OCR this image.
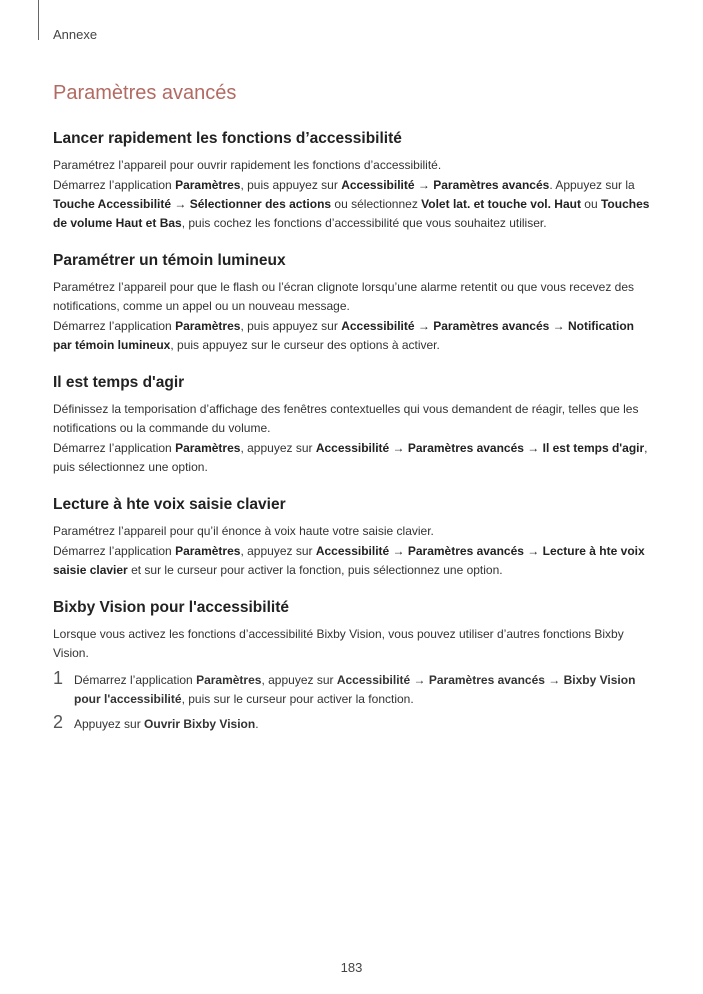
Annexe
Paramètres avancés
Lancer rapidement les fonctions d’accessibilité

Paramétrez l’appareil pour ouvrir rapidement les fonctions d’accessibilité.

Démarrez l’application Paramètres, puis appuyez sur Accessibilité → Paramètres avancés. Appuyez sur la Touche Accessibilité → Sélectionner des actions ou sélectionnez Volet lat. et touche vol. Haut ou Touches de volume Haut et Bas, puis cochez les fonctions d’accessibilité que vous souhaitez utiliser.

Paramétrer un témoin lumineux

Paramétrez l’appareil pour que le flash ou l’écran clignote lorsqu’une alarme retentit ou que vous recevez des notifications, comme un appel ou un nouveau message.

Démarrez l’application Paramètres, puis appuyez sur Accessibilité → Paramètres avancés → Notification par témoin lumineux, puis appuyez sur le curseur des options à activer.

Il est temps d'agir

Définissez la temporisation d’affichage des fenêtres contextuelles qui vous demandent de réagir, telles que les notifications ou la commande du volume.

Démarrez l’application Paramètres, appuyez sur Accessibilité → Paramètres avancés → Il est temps d'agir, puis sélectionnez une option.

Lecture à hte voix saisie clavier

Paramétrez l’appareil pour qu’il énonce à voix haute votre saisie clavier.

Démarrez l’application Paramètres, appuyez sur Accessibilité → Paramètres avancés → Lecture à hte voix saisie clavier et sur le curseur pour activer la fonction, puis sélectionnez une option.

Bixby Vision pour l'accessibilité

Lorsque vous activez les fonctions d’accessibilité Bixby Vision, vous pouvez utiliser d’autres fonctions Bixby Vision.

1 Démarrez l’application Paramètres, appuyez sur Accessibilité → Paramètres avancés → Bixby Vision pour l'accessibilité, puis sur le curseur pour activer la fonction.
2 Appuyez sur Ouvrir Bixby Vision.
183
